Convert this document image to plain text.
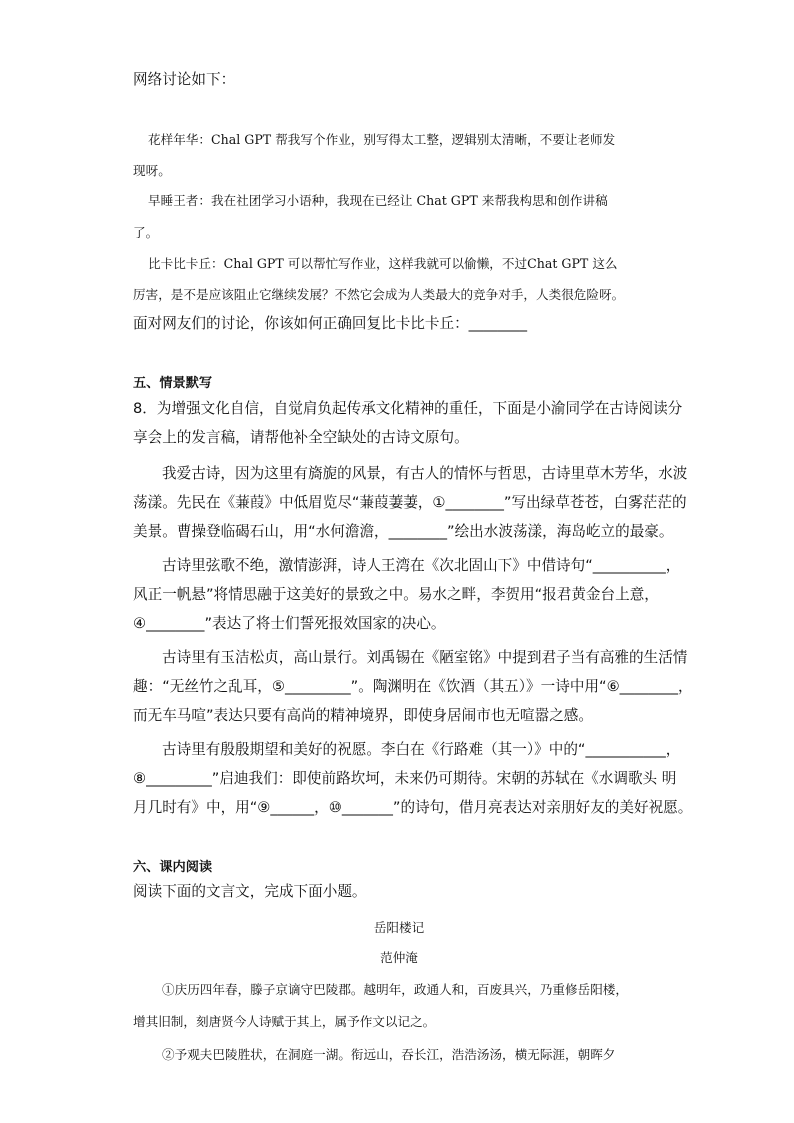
网络讨论如下：
花样年华：Chal GPT 帮我写个作业，别写得太工整，逻辑别太清晰，不要让老师发
现呀。
早睡王者：我在社团学习小语种，我现在已经让 Chat GPT 来帮我构思和创作讲稿
了。
比卡比卡丘：Chal GPT 可以帮忙写作业，这样我就可以偷懒，不过Chat GPT 这么
厉害，是不是应该阻止它继续发展？不然它会成为人类最大的竞争对手，人类很危险呀。
面对网友们的讨论，你该如何正确回复比卡比卡丘：________
五、情景默写
8．为增强文化自信，自觉肩负起传承文化精神的重任，下面是小渝同学在古诗阅读分
享会上的发言稿，请帮他补全空缺处的古诗文原句。
我爱古诗，因为这里有旖旎的风景，有古人的情怀与哲思，古诗里草木芳华，水波
荡漾。先民在《蒹葭》中低眉览尽“蒹葭萋萋，①________”写出绿草苍苍，白雾茫茫的
美景。曹操登临碣石山，用“水何澹澹，________”绘出水波荡漾，海岛屹立的最豪。
古诗里弦歌不绝，激情澎湃，诗人王湾在《次北固山下》中借诗句“__________，
风正一帆悬”将情思融于这美好的景致之中。易水之畔，李贺用“报君黄金台上意，
④________”表达了将士们誓死报效国家的决心。
古诗里有玉洁松贞，高山景行。刘禹锡在《陋室铭》中提到君子当有高雅的生活情
趣：“无丝竹之乱耳，⑤_________”。陶渊明在《饮酒（其五）》一诗中用“⑥________，
而无车马喧”表达只要有高尚的精神境界，即使身居闹市也无喧嚣之感。
古诗里有殷殷期望和美好的祝愿。李白在《行路难（其一）》中的“___________，
⑧_________”启迪我们：即使前路坎坷，未来仍可期待。宋朝的苏轼在《水调歌头 明
月几时有》中，用“⑨______，⑩_______”的诗句，借月亮表达对亲朋好友的美好祝愿。
六、课内阅读
阅读下面的文言文，完成下面小题。
岳阳楼记
范仲淹
①庆历四年春，滕子京谪守巴陵郡。越明年，政通人和，百废具兴，乃重修岳阳楼，
增其旧制，刻唐贤今人诗赋于其上，属予作文以记之。
②予观夫巴陵胜状，在洞庭一湖。衔远山，吞长江，浩浩汤汤，横无际涯，朝晖夕
